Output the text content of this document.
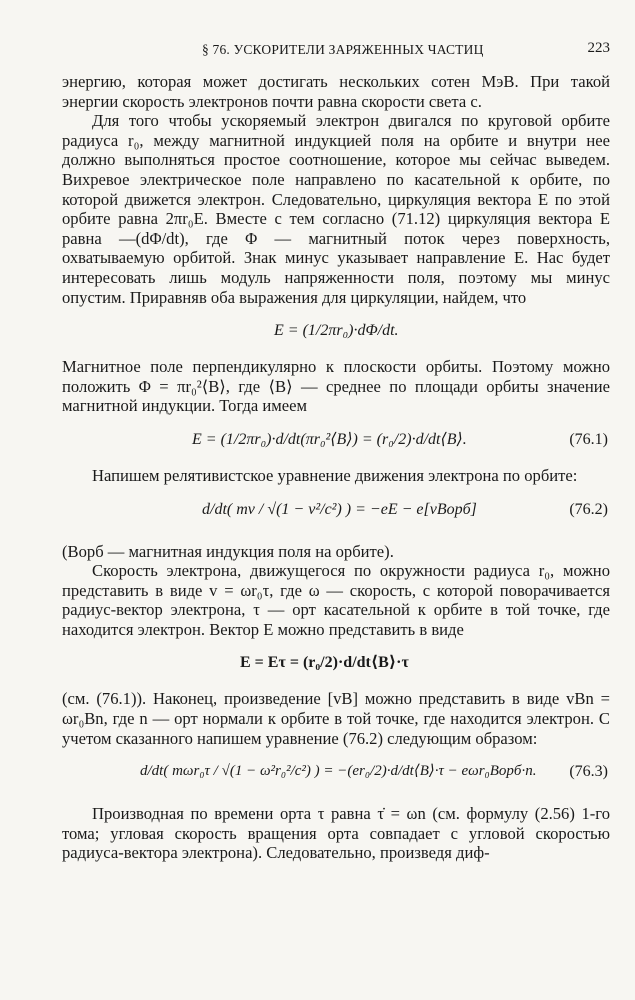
§ 76. УСКОРИТЕЛИ ЗАРЯЖЕННЫХ ЧАСТИЦ	223

энергию, которая может достигать нескольких сотен МэВ. При такой энергии скорость электронов почти равна скорости света c.

Для того чтобы ускоряемый электрон двигался по круговой орбите радиуса r₀, между магнитной индукцией поля на орбите и внутри нее должно выполняться простое соотношение, которое мы сейчас выведем. Вихревое электрическое поле направлено по касательной к орбите, по которой движется электрон. Следовательно, циркуляция вектора E по этой орбите равна 2πr₀E. Вместе с тем согласно (71.12) циркуляция вектора E равна —(dΦ/dt), где Φ — магнитный поток через поверхность, охватываемую орбитой. Знак минус указывает направление E. Нас будет интересовать лишь модуль напряженности поля, поэтому мы минус опустим. Приравняв оба выражения для циркуляции, найдем, что

E = (1/2πr₀)·dΦ/dt.

Магнитное поле перпендикулярно к плоскости орбиты. Поэтому можно положить Φ = πr₀²⟨B⟩, где ⟨B⟩ — среднее по площади орбиты значение магнитной индукции. Тогда имеем

E = (1/2πr₀)·d/dt(πr₀²⟨B⟩) = (r₀/2)·d/dt⟨B⟩.	(76.1)

Напишем релятивистское уравнение движения электрона по орбите:

d/dt( mv / √(1 − v²/c²) ) = −eE − e[vBорб]	(76.2)

(Bорб — магнитная индукция поля на орбите).

Скорость электрона, движущегося по окружности радиуса r₀, можно представить в виде v = ωr₀τ, где ω — скорость, с которой поворачивается радиус-вектор электрона, τ — орт касательной к орбите в той точке, где находится электрон. Вектор E можно представить в виде

E = Eτ = (r₀/2)·d/dt⟨B⟩·τ

(см. (76.1)). Наконец, произведение [vB] можно представить в виде vBn = ωr₀Bn, где n — орт нормали к орбите в той точке, где находится электрон. С учетом сказанного напишем уравнение (76.2) следующим образом:

d/dt( mωr₀τ / √(1 − ω²r₀²/c²) ) = −(er₀/2)·d/dt⟨B⟩·τ − eωr₀Bорб·n. (76.3)

Производная по времени орта τ равна τ̇ = ωn (см. формулу (2.56) 1-го тома; угловая скорость вращения орта совпадает с угловой скоростью радиуса-вектора электрона). Следовательно, произведя диф-
